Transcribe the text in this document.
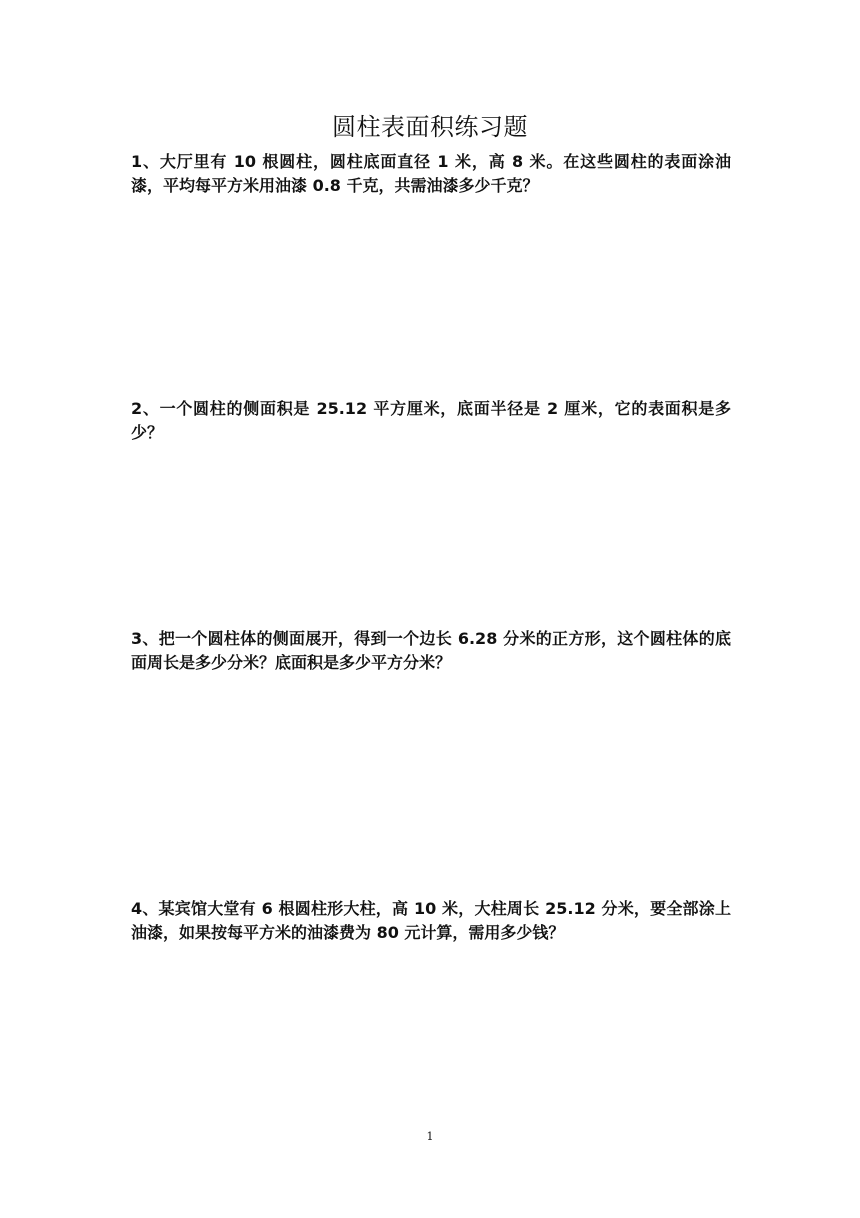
圆柱表面积练习题

1、大厅里有 10 根圆柱，圆柱底面直径 1 米，高 8 米。在这些圆柱的表面涂油漆，平均每平方米用油漆 0.8 千克，共需油漆多少千克？

2、一个圆柱的侧面积是 25.12 平方厘米，底面半径是 2 厘米，它的表面积是多少？

3、把一个圆柱体的侧面展开，得到一个边长 6.28 分米的正方形，这个圆柱体的底面周长是多少分米？底面积是多少平方分米？

4、某宾馆大堂有 6 根圆柱形大柱，高 10 米，大柱周长 25.12 分米，要全部涂上油漆，如果按每平方米的油漆费为 80 元计算，需用多少钱？

1
